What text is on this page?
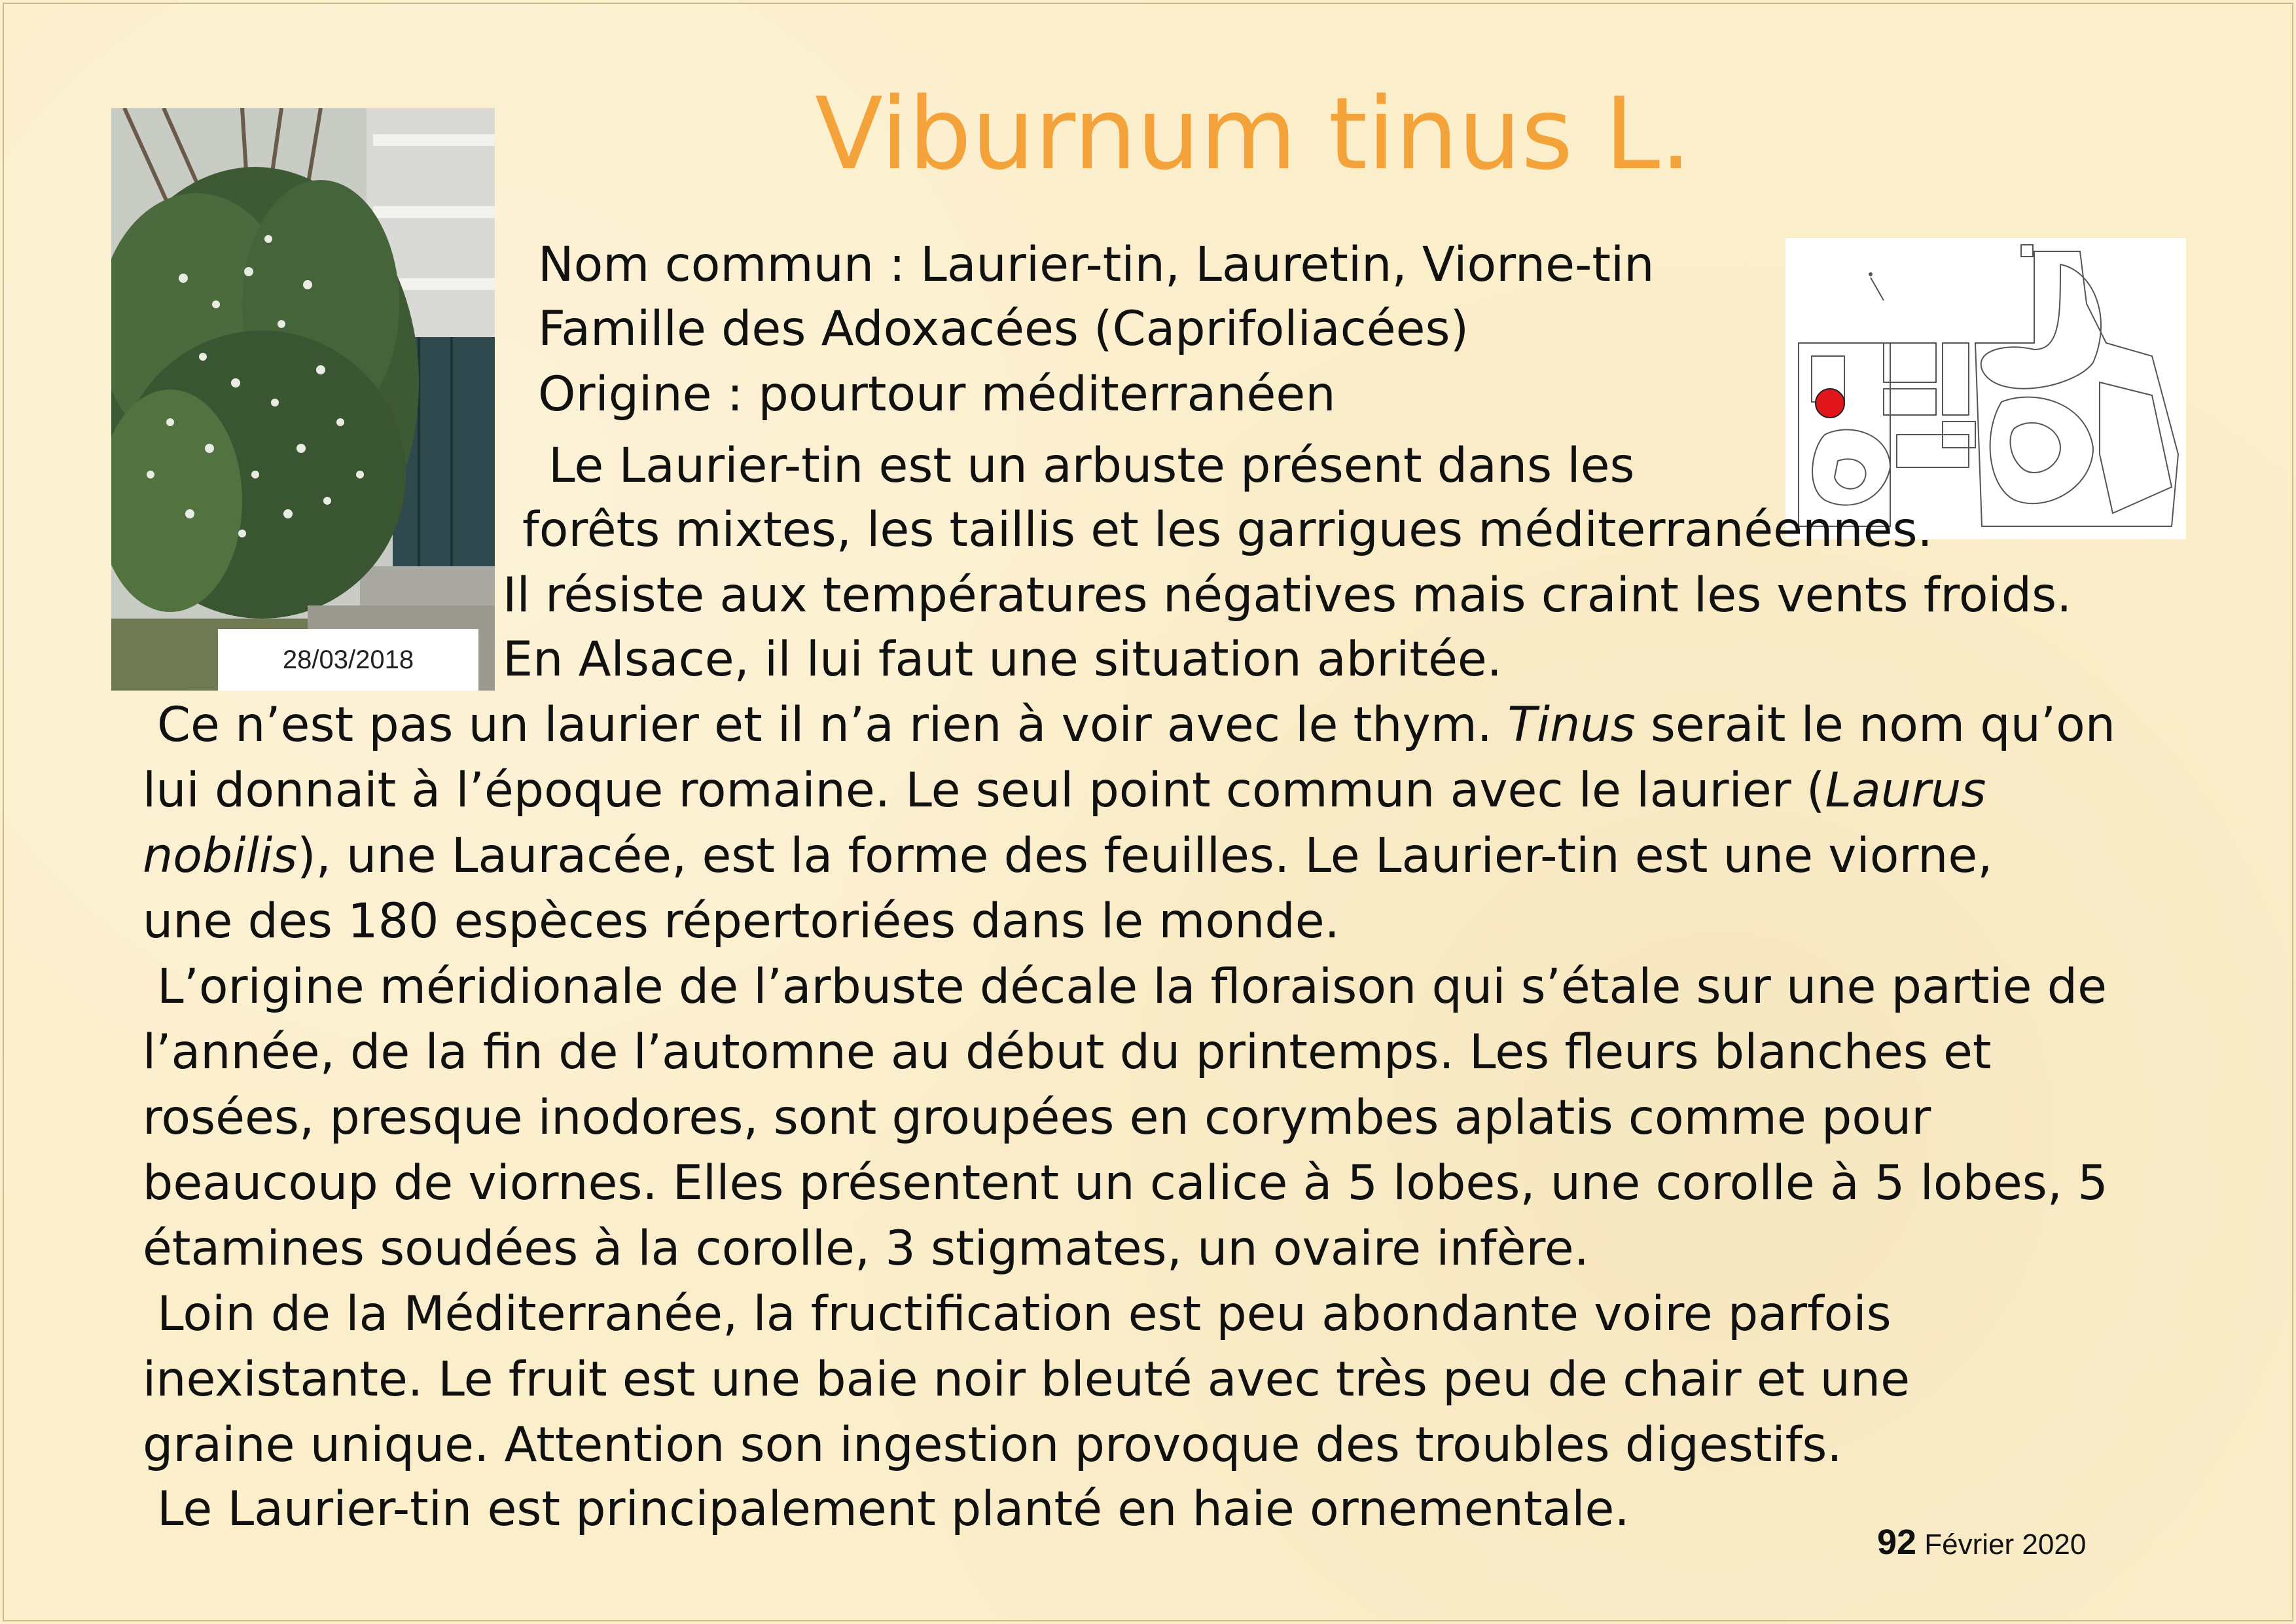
Viburnum tinus L.
28/03/2018

Nom commun : Laurier-tin, Lauretin, Viorne-tin

Famille des Adoxacées (Caprifoliacées)

Origine : pourtour méditerranéen

Le Laurier-tin est un arbuste présent dans les

forêts mixtes, les taillis et les garrigues méditerranéennes.

Il résiste aux températures négatives mais craint les vents froids.

En Alsace, il lui faut une situation abritée.

Ce n’est pas un laurier et il n’a rien à voir avec le thym. Tinus serait le nom qu’on

lui donnait à l’époque romaine. Le seul point commun avec le laurier (Laurus

nobilis), une Lauracée, est la forme des feuilles. Le Laurier-tin est une viorne,

une des 180 espèces répertoriées dans le monde.

L’origine méridionale de l’arbuste décale la floraison qui s’étale sur une partie de

l’année, de la fin de l’automne au début du printemps. Les fleurs blanches et

rosées, presque inodores, sont groupées en corymbes aplatis comme pour

beaucoup de viornes. Elles présentent un calice à 5 lobes, une corolle à 5 lobes, 5

étamines soudées à la corolle, 3 stigmates, un ovaire infère.

Loin de la Méditerranée, la fructification est peu abondante voire parfois

inexistante. Le fruit est une baie noir bleuté avec très peu de chair et une

graine unique. Attention son ingestion provoque des troubles digestifs.

Le Laurier-tin est principalement planté en haie ornementale.

92 Février 2020
